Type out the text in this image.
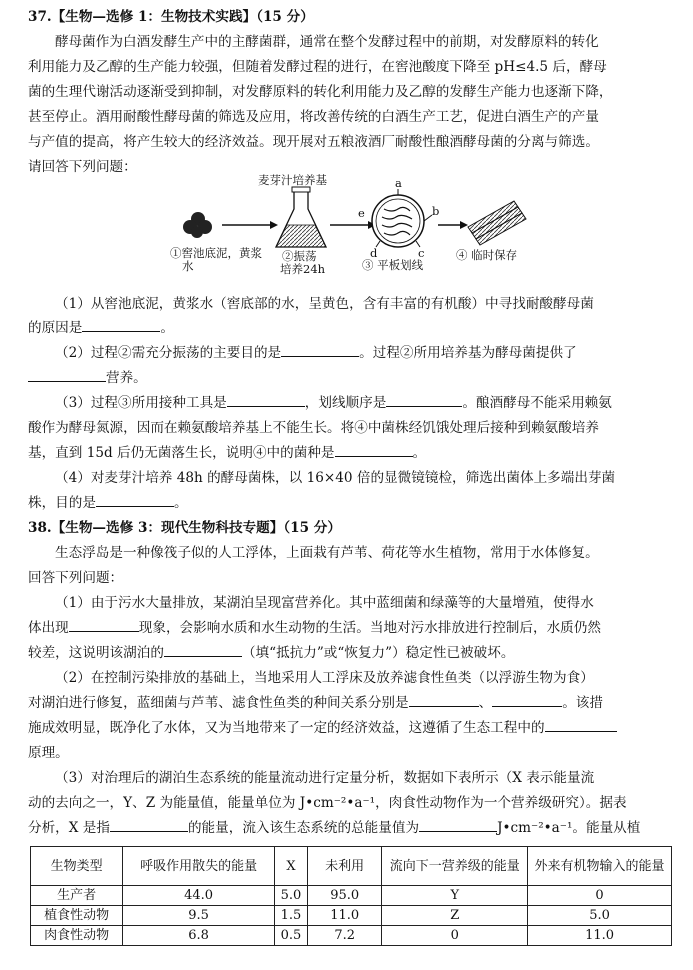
37.【生物—选修 1：生物技术实践】（15 分）
酵母菌作为白酒发酵生产中的主酵菌群，通常在整个发酵过程中的前期，对发酵原料的转化
利用能力及乙醇的生产能力较强，但随着发酵过程的进行，在窖池酸度下降至 pH≤4.5 后，酵母
菌的生理代谢活动逐渐受到抑制，对发酵原料的转化利用能力及乙醇的发酵生产能力也逐渐下降，
甚至停止。酒用耐酸性酵母菌的筛选及应用，将改善传统的白酒生产工艺，促进白酒生产的产量
与产值的提高，将产生较大的经济效益。现开展对五粮液酒厂耐酸性酿酒酵母菌的分离与筛选。
请回答下列问题：
麦芽汁培养基
①窖池底泥，黄浆
水
②振荡
培养24h	③ 平板划线
④ 临时保存
a
b
c
d
e
（1）从窖池底泥，黄浆水（窖底部的水，呈黄色，含有丰富的有机酸）中寻找耐酸酵母菌
的原因是	。
（2）过程②需充分振荡的主要目的是	。过程②所用培养基为酵母菌提供了
营养。
（3）过程③所用接种工具是	，划线顺序是	。酿酒酵母不能采用赖氨
酸作为酵母氮源，因而在赖氨酸培养基上不能生长。将④中菌株经饥饿处理后接种到赖氨酸培养
基，直到 15d 后仍无菌落生长，说明④中的菌种是	。
（4）对麦芽汁培养 48h 的酵母菌株，以 16×40 倍的显微镜镜检，筛选出菌体上多端出芽菌
株，目的是	。
38.【生物—选修 3：现代生物科技专题】（15 分）
生态浮岛是一种像筏子似的人工浮体，上面栽有芦苇、荷花等水生植物，常用于水体修复。
回答下列问题：
（1）由于污水大量排放，某湖泊呈现富营养化。其中蓝细菌和绿藻等的大量增殖，使得水
体出现	现象，会影响水质和水生动物的生活。当地对污水排放进行控制后，水质仍然
较差，这说明该湖泊的	（填“抵抗力”或“恢复力”）稳定性已被破坏。
（2）在控制污染排放的基础上，当地采用人工浮床及放养滤食性鱼类（以浮游生物为食）
对湖泊进行修复，蓝细菌与芦苇、滤食性鱼类的种间关系分别是	、	。该措
施成效明显，既净化了水体，又为当地带来了一定的经济效益，这遵循了生态工程中的
原理。
（3）对治理后的湖泊生态系统的能量流动进行定量分析，数据如下表所示（X 表示能量流
动的去向之一，Y、Z 为能量值，能量单位为 J•cm⁻²•a⁻¹，肉食性动物作为一个营养级研究）。据表
分析，X 是指	的能量，流入该生态系统的总能量值为	J•cm⁻²•a⁻¹。能量从植
生物类型	呼吸作用散失的能量	X	未利用	流向下一营养级的能量	外来有机物输入的能量
生产者	44.0	5.0	95.0	Y	0
植食性动物	9.5	1.5	11.0	Z	5.0
肉食性动物	6.8	0.5	7.2	0	11.0
